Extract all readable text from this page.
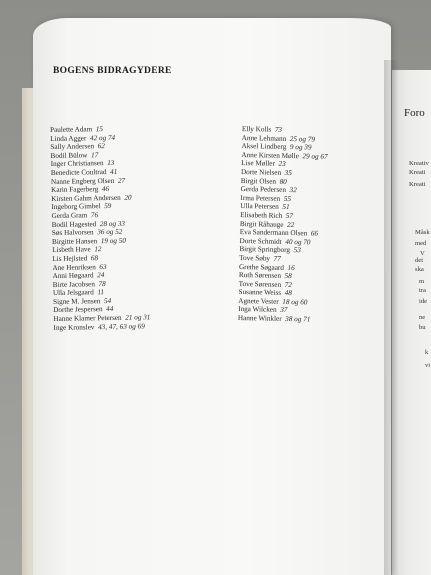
BOGENS BIDRAGYDERE
Paulette Adam 15
Linda Agger 42 og 74
Sally Andersen 62
Bodil Bülow 17
Inger Christiansen 13
Benedicte Coultrad 41
Nanne Engberg Olsen 27
Karin Fagerberg 46
Kirsten Gahm Andersen 20
Ingeborg Gimbel 59
Gerda Gram 76
Bodil Hagested 28 og 33
Søs Halvorsen 36 og 52
Birgitte Hansen 19 og 50
Lisbeth Have 12
Lis Hejlsted 68
Ane Henriksen 63
Anni Høgaard 24
Birte Jacobsen 78
Ulla Jelsgaard 11
Signe M. Jensen 54
Dorthe Jespersen 44
Hanne Klamer Petersen 21 og 31
Inge Kronslev 43, 47, 63 og 69
Elly Kolls 73
Anne Lehmann 25 og 79
Aksel Lindberg 9 og 39
Anne Kirsten Mølle 29 og 67
Lise Møller 23
Dorte Nielsen 35
Birgit Olsen 80
Gerda Pedersen 32
Irma Petersen 55
Ulla Petersen 51
Elisabeth Rich 57
Birgit Råhauge 22
Eva Sandermann Olsen 66
Dorte Schmidt 40 og 70
Birgit Springborg 53
Tove Søby 77
Grethe Søgaard 16
Ruth Sørensen 58
Tove Sørensen 72
Susanne Weiss 48
Agnete Vester 18 og 60
Inga Wilcken 37
Hanne Winkler 38 og 71
Foro
Kreativ
Kreati
Kreati
Måsk
med
V
det
ska
m
tra
ide
ne
bu
k
vi
